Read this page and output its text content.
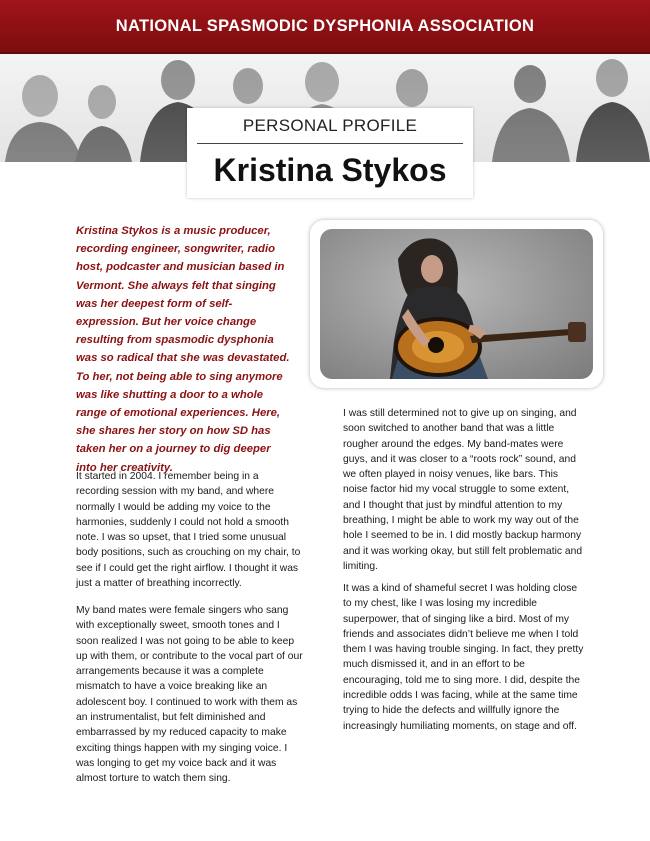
NATIONAL SPASMODIC DYSPHONIA ASSOCIATION
PERSONAL PROFILE
Kristina Stykos
Kristina Stykos is a music producer, recording engineer, songwriter, radio host, podcaster and musician based in Vermont. She always felt that singing was her deepest form of self-expression. But her voice change resulting from spasmodic dysphonia was so radical that she was devastated. To her, not being able to sing anymore was like shutting a door to a whole range of emotional experiences. Here, she shares her story on how SD has taken her on a journey to dig deeper into her creativity.
It started in 2004. I remember being in a recording session with my band, and where normally I would be adding my voice to the harmonies, suddenly I could not hold a smooth note. I was so upset, that I tried some unusual body positions, such as crouching on my chair, to see if I could get the right airflow. I thought it was just a matter of breathing incorrectly.
My band mates were female singers who sang with exceptionally sweet, smooth tones and I soon realized I was not going to be able to keep up with them, or contribute to the vocal part of our arrangements because it was a complete mismatch to have a voice breaking like an adolescent boy. I continued to work with them as an instrumentalist, but felt diminished and embarrassed by my reduced capacity to make exciting things happen with my singing voice. I was longing to get my voice back and it was almost torture to watch them sing.
I was still determined not to give up on singing, and soon switched to another band that was a little rougher around the edges. My band-mates were guys, and it was closer to a “roots rock” sound, and we often played in noisy venues, like bars. This noise factor hid my vocal struggle to some extent, and I thought that just by mindful attention to my breathing, I might be able to work my way out of the hole I seemed to be in. I did mostly backup harmony and it was working okay, but still felt problematic and limiting.
It was a kind of shameful secret I was holding close to my chest, like I was losing my incredible superpower, that of singing like a bird. Most of my friends and associates didn’t believe me when I told them I was having trouble singing. In fact, they pretty much dismissed it, and in an effort to be encouraging, told me to sing more. I did, despite the incredible odds I was facing, while at the same time trying to hide the defects and willfully ignore the increasingly humiliating moments, on stage and off.
